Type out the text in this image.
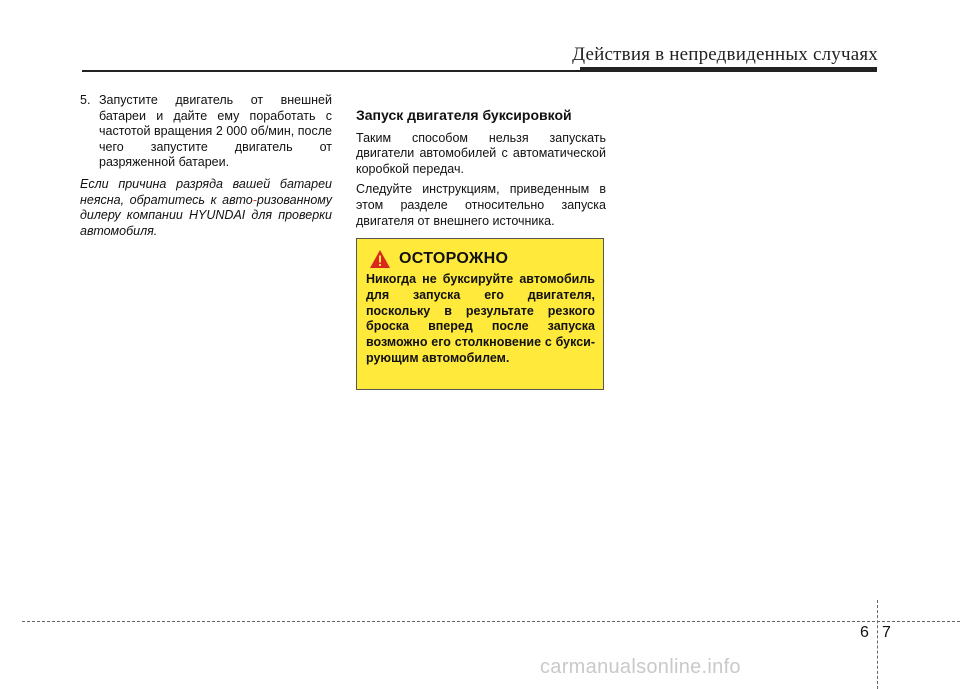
Действия в непредвиденных случаях
5. Запустите двигатель от внешней батареи и дайте ему поработать с частотой вращения 2 000 об/мин, после чего запустите двигатель от разряженной батареи.
Если причина разряда вашей батареи неясна, обратитесь к авто-ризованному дилеру компании HYUNDAI для проверки автомобиля.
Запуск двигателя буксировкой

Таким способом нельзя запускать двигатели автомобилей с автоматической коробкой передач.

Следуйте инструкциям, приведенным в этом разделе относительно запуска двигателя от внешнего источника.

ОСТОРОЖНО
Никогда не буксируйте автомобиль для запуска его двигателя, поскольку в результате резкого броска вперед после запуска возможно его столкновение с букси- рующим автомобилем.
6 7
carmanualsonline.info
